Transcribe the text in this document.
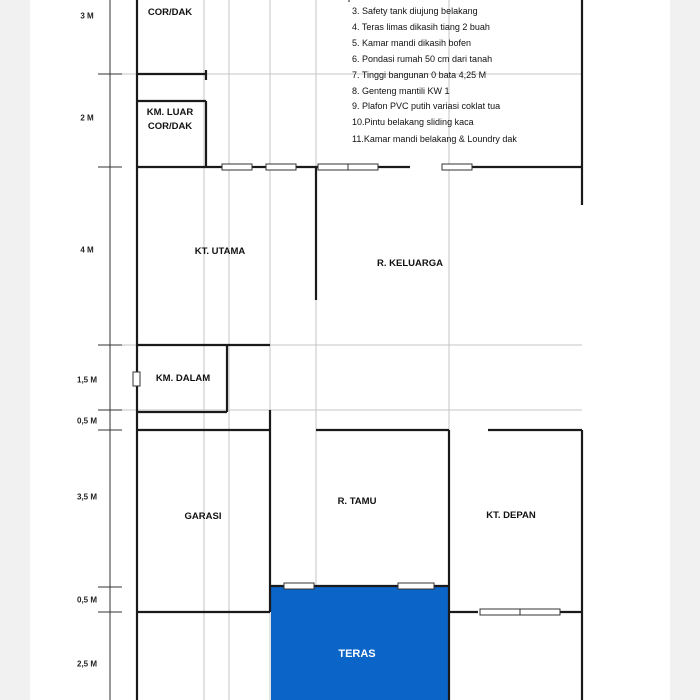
3 M
2 M
4 M
1,5 M
0,5 M
3,5 M
0,5 M
2,5 M
COR/DAK
KM. LUAR
COR/DAK
KT. UTAMA
R. KELUARGA
KM. DALAM
GARASI
R. TAMU
KT. DEPAN
TERAS
3. Safety tank diujung belakang
4. Teras limas dikasih tiang 2 buah
5. Kamar mandi dikasih bofen
6. Pondasi rumah 50 cm dari tanah
7. Tinggi bangunan 0 bata 4,25 M
8. Genteng mantili KW 1
9. Plafon PVC putih variasi coklat tua
10.Pintu belakang sliding kaca
11.Kamar mandi belakang & Loundry dak
